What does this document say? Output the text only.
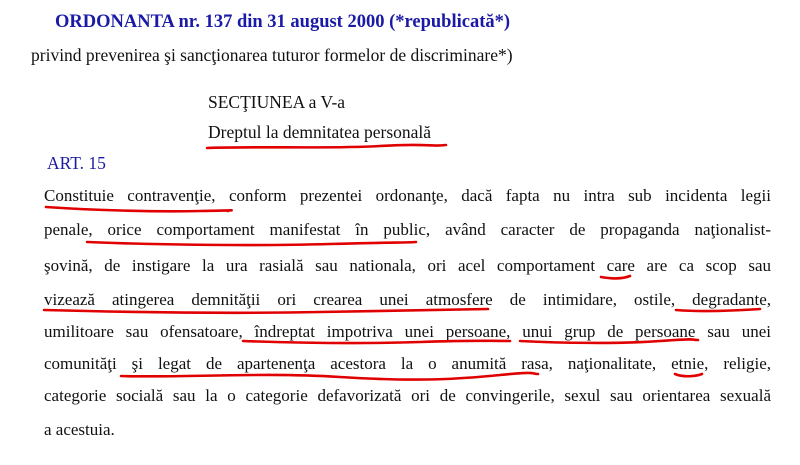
ORDONANTA nr. 137 din 31 august 2000 (*republicată*)
privind prevenirea şi sancţionarea tuturor formelor de discriminare*)
SECŢIUNEA a V-a
Dreptul la demnitatea personală
ART. 15
Constituie contravenţie, conform prezentei ordonanţe, dacă fapta nu intra sub incidenta legii
penale, orice comportament manifestat în public, având caracter de propaganda naţionalist-
şovină, de instigare la ura rasială sau nationala, ori acel comportament care are ca scop sau
vizează atingerea demnităţii ori crearea unei atmosfere de intimidare, ostile, degradante,
umilitoare sau ofensatoare, îndreptat impotriva unei persoane, unui grup de persoane sau unei
comunităţi şi legat de apartenenţa acestora la o anumită rasa, naţionalitate, etnie, religie,
categorie socială sau la o categorie defavorizată ori de convingerile, sexul sau orientarea sexuală
a acestuia.
